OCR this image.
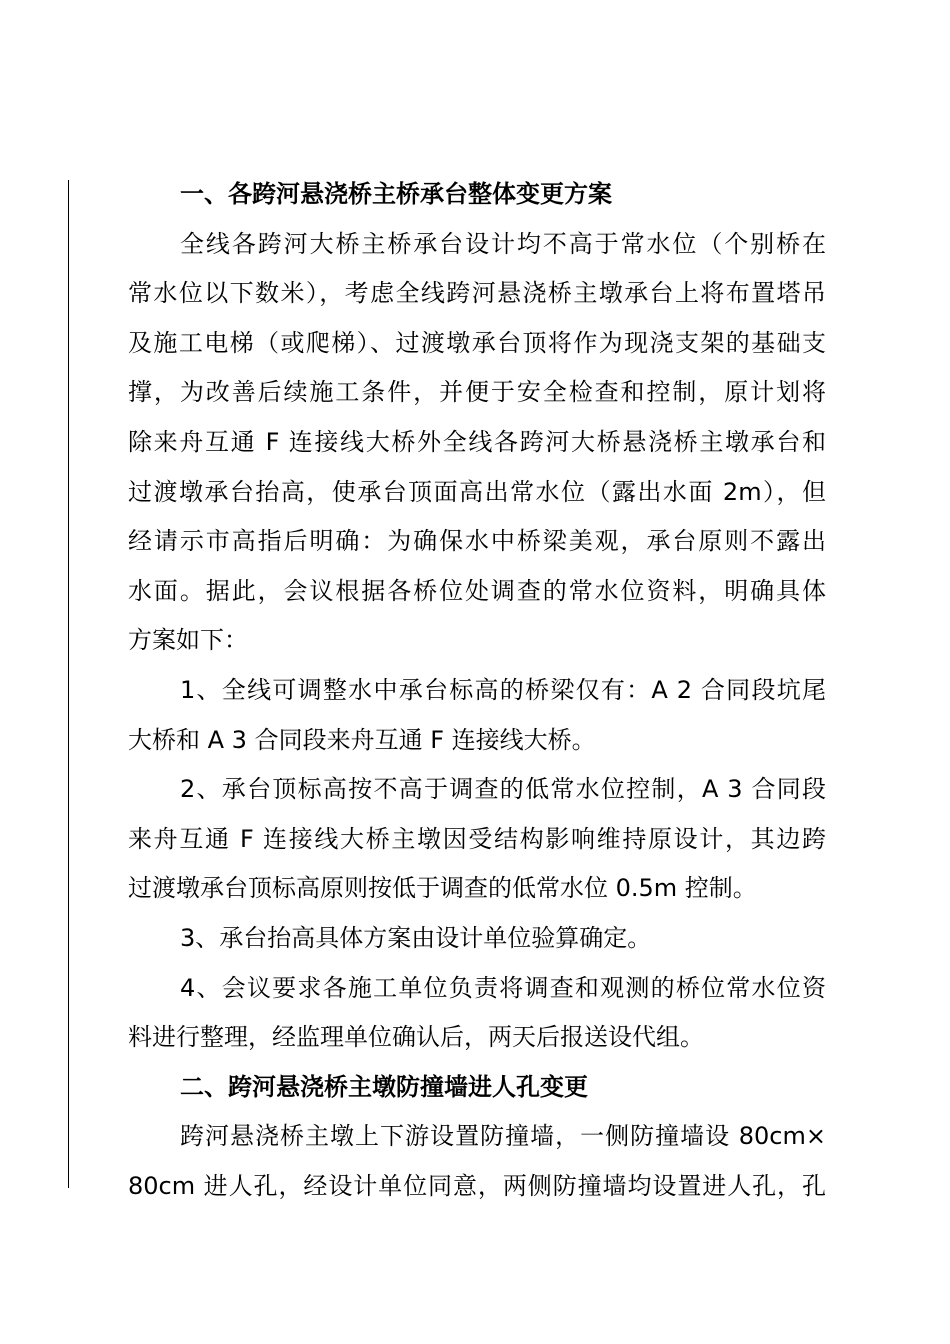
一、各跨河悬浇桥主桥承台整体变更方案
全线各跨河大桥主桥承台设计均不高于常水位（个别桥在
常水位以下数米），考虑全线跨河悬浇桥主墩承台上将布置塔吊
及施工电梯（或爬梯）、过渡墩承台顶将作为现浇支架的基础支
撑，为改善后续施工条件，并便于安全检查和控制，原计划将
除来舟互通 F 连接线大桥外全线各跨河大桥悬浇桥主墩承台和
过渡墩承台抬高，使承台顶面高出常水位（露出水面 2m），但
经请示市高指后明确：为确保水中桥梁美观，承台原则不露出
水面。据此，会议根据各桥位处调查的常水位资料，明确具体
方案如下：
1、全线可调整水中承台标高的桥梁仅有：A 2 合同段坑尾
大桥和 A 3 合同段来舟互通 F 连接线大桥。
2、承台顶标高按不高于调查的低常水位控制，A 3 合同段
来舟互通 F 连接线大桥主墩因受结构影响维持原设计，其边跨
过渡墩承台顶标高原则按低于调查的低常水位 0.5m 控制。
3、承台抬高具体方案由设计单位验算确定。
4、会议要求各施工单位负责将调查和观测的桥位常水位资
料进行整理，经监理单位确认后，两天后报送设代组。
二、跨河悬浇桥主墩防撞墙进人孔变更
跨河悬浇桥主墩上下游设置防撞墙，一侧防撞墙设 80cm×
80cm 进人孔，经设计单位同意，两侧防撞墙均设置进人孔，孔
